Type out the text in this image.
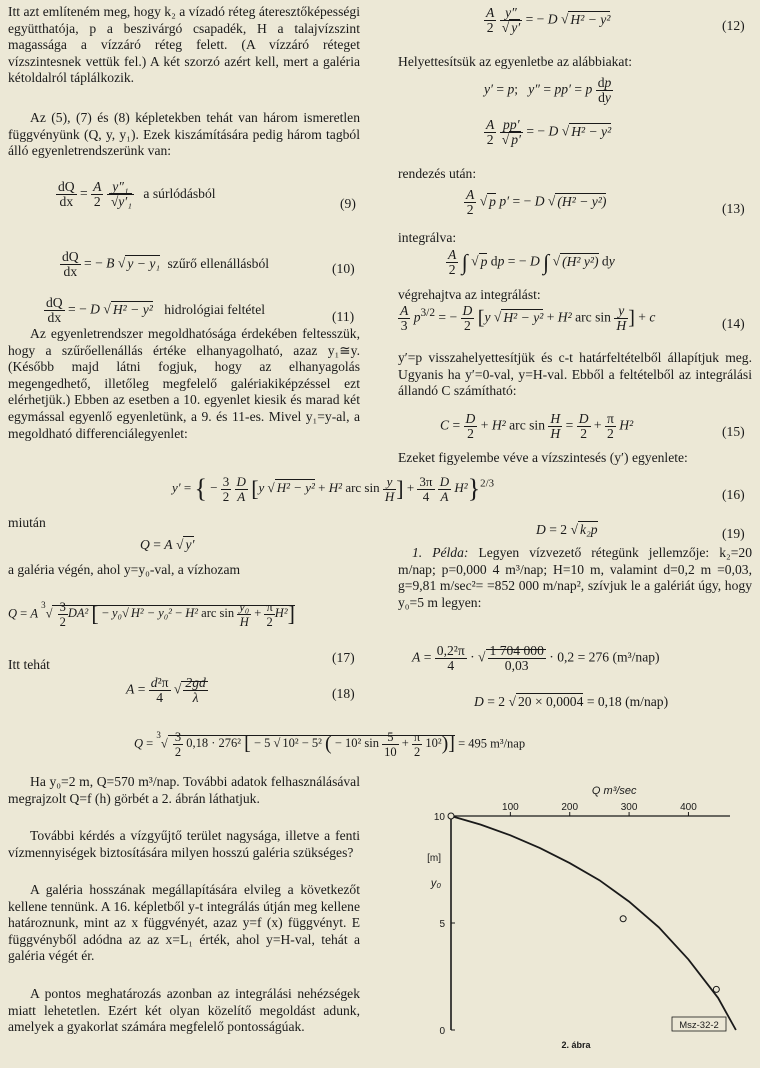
Itt azt említeném meg, hogy k₂ a vízadó réteg áteresztőképességi együtthatója, p a beszivárgó csapadék, H a talajvízszint magassága a vízzáró réteg felett. (A vízzáró réteget vízszintesnek vettük fel.) A két szorzó azért kell, mert a galéria kétoldalról táplálkozik.
Az (5), (7) és (8) képletekben tehát van három ismeretlen függvényünk (Q, y, y₁). Ezek kiszámítására pedig három tagból álló egyenletrendszerünk van:
$\frac{dQ}{dx} = \frac{A}{2}$
$\frac{\text{y″₁}}{\text{√y′₁}}$ a súrlódásból
(9)
$\frac{dQ}{dx}$ = − B √ y − y₁ szűrő ellenállásból	(10)
$\frac{dQ}{dx}$ = − D √ H² − y² hidrológiai feltétel	(11)
Az egyenletrendszer megoldhatósága érdekében feltesszük, hogy a szűrőellenállás értéke elhanyagolható, azaz y₁≅y. (Később majd látni fogjuk, hogy az elhanyagolás megengedhető, illetőleg megfelelő galériakiképzéssel ezt elérhetjük.) Ebben az esetben a 10. egyenlet kiesik és marad két egymással egyenlő egyenletünk, a 9. és 11-es. Mivel y₁=y-al, a megoldható differenciálegyenlet:
y′ = { − $\frac{3}{2}$
$\frac{D}{A} [y$ √ H² − y² + H² arc $\sin \frac{y}{H}$ ] + $\frac{3\pi}{4}$
$\frac{D}{A} H^2\}^{2/3}$
(16)
miután
Q = A √ y′
a galéria végén, ahol y=y₀-val, a vízhozam
Q = A $^3√ \frac{3}{2} DA^2$ [ − y₀√ H² − y₀² − H² arc $\sin \frac{\text{y₀}}{H} + \frac{\pi}{2} H^2$]
(17)
Itt tehát
$A = \frac{\text{d²π}}{4}$ √ $\frac{2gd}{\lambda}$	(18)
$Q = ^3√ \frac{3}{2} 0,18 \cdot 276^2$ [ − 5 √ 10² − 5² ( − 10² $\sin \frac{5}{10} + \frac{\pi}{2} 10^2)] = 495$ m³/nap
Ha y₀=2 m, Q=570 m³/nap. További adatok felhasználásával megrajzolt Q=f (h) görbét a 2. ábrán láthatjuk.
További kérdés a vízgyűjtő terület nagysága, illetve a fenti vízmennyiségek biztosítására milyen hosszú galéria szükséges?
A galéria hosszának megállapítására elvileg a következőt kellene tennünk. A 16. képletből y-t integrálás útján meg kellene határoznunk, mint az x függvényét, azaz y=f (x) függvényt. E függvényből adódna az az x=L₁ érték, ahol y=H-val, tehát a galéria végét ér.
A pontos meghatározás azonban az integrálási nehézségek miatt lehetetlen. Ezért két olyan közelítő megoldást adunk, amelyek a gyakorlat számára megfelelő pontosságúak.
$\frac{A}{2}$
$\frac{y''}{√ y'}$ = − D √ H² − y²	(12)
Helyettesítsük az egyenletbe az alábbiakat:
y′ = p;   y″ = pp′ = p $\frac{dp}{dy}$
$\frac{A}{2}$
$\frac{pp'}{√ p'}$ = − D √ H² − y²
rendezés után:
$\frac{A}{2}$ √ p p′ = − D √ (H² − y²)	(13)
integrálva:
$\frac{A}{2}$ ∫ √ p dp = − D ∫ √ (H² y²) dy
végrehajtva az integrálást:
$\frac{A}{3} p^{3/2}$ = − $\frac{D}{2} [y$ √ H² − y² + H² arc $\sin \frac{y}{H}$ ] + c	(14)
y′=p visszahelyettesítjük és c-t határfeltételből állapítjuk meg. Ugyanis ha y′=0-val, y=H-val. Ebből a feltételből az integrálási állandó C számítható:
$C = \frac{D}{2} + H^2$ arc $\sin \frac{H}{H} = \frac{D}{2} + \frac{\pi}{2} H^2$	(15)
Ezeket figyelembe véve a vízszintesés (y′) egyenlete:
D = 2 √ k₂p	(19)
1. Példa: Legyen vízvezető rétegünk jellemzője: k₂=20 m/nap; p=0,000 4 m³/nap; H=10 m, valamint d=0,2 m =0,03, g=9,81 m/sec²= =852 000 m/nap², szívjuk le a galériát úgy, hogy y₀=5 m legyen:
$A = \frac{\text{0,2²π}}{4}$ · √ $\frac{1 704 000}{0,03} \cdot 0,2 = 276$ (m³/nap)
D = 2 √ 20 × 0,0004 = 0,18 (m/nap)
100	200	300	400
10
5
0
Q m³/sec
[m]
y₀
Msz-32-2
2. ábra
